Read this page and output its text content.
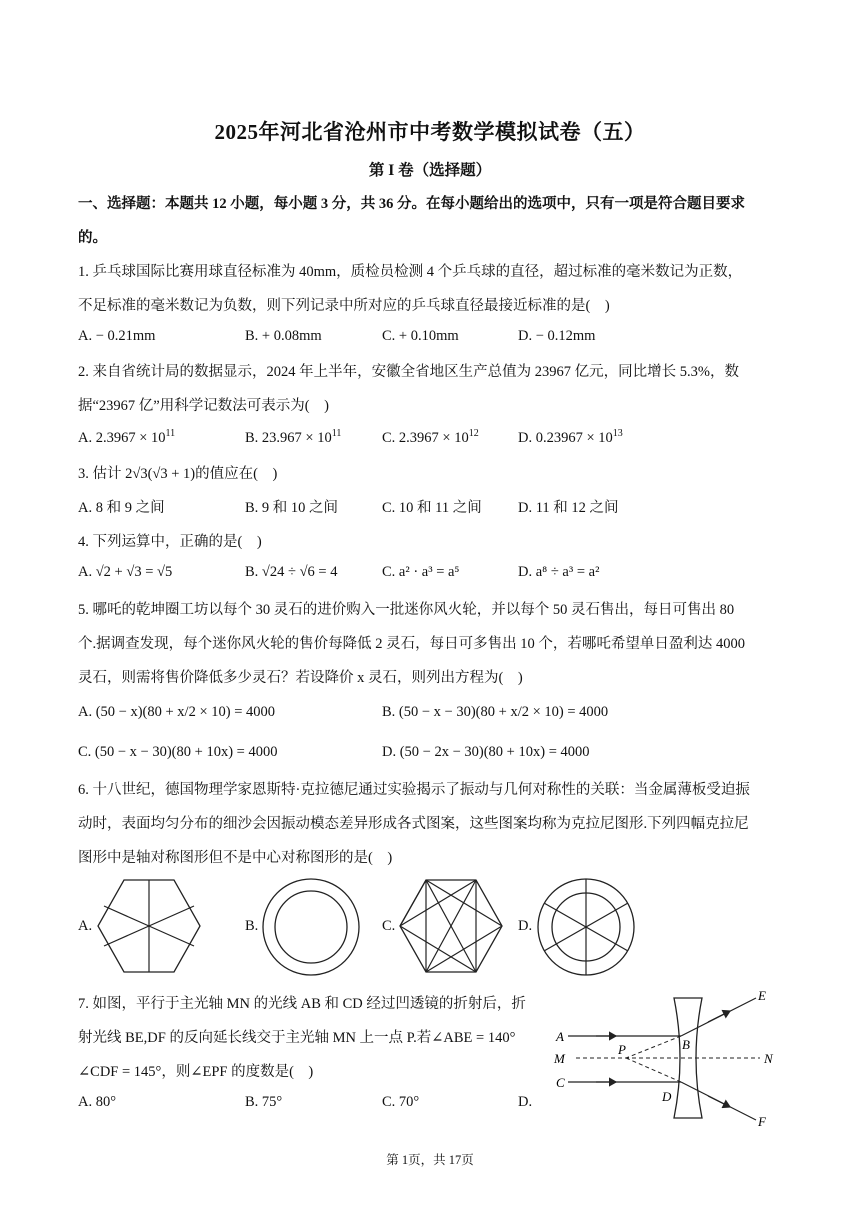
2025年河北省沧州市中考数学模拟试卷（五）
第 I 卷（选择题）
一、选择题：本题共 12 小题，每小题 3 分，共 36 分。在每小题给出的选项中，只有一项是符合题目要求
的。
1. 乒乓球国际比赛用球直径标准为 40mm，质检员检测 4 个乒乓球的直径，超过标准的毫米数记为正数，
不足标准的毫米数记为负数，则下列记录中所对应的乒乓球直径最接近标准的是(　)
A. − 0.21mm	B. + 0.08mm	C. + 0.10mm	D. − 0.12mm
2. 来自省统计局的数据显示，2024 年上半年，安徽全省地区生产总值为 23967 亿元，同比增长 5.3%，数
据“23967 亿”用科学记数法可表示为(　)
A. $2.3967 \times 10^{11}$	B. $23.967 \times 10^{11}$	C. $2.3967 \times 10^{12}$	D. $0.23967 \times 10^{13}$
3. 估计 2√3(√3 + 1)的值应在(　)
A. 8 和 9 之间	B. 9 和 10 之间	C. 10 和 11 之间 D. 11 和 12 之间
4. 下列运算中，正确的是(　)
A. √2 + √3 = √5	B. √24 ÷ √6 = 4	C. a² · a³ = a⁵	D. a⁸ ÷ a³ = a²
5. 哪吒的乾坤圈工坊以每个 30 灵石的进价购入一批迷你风火轮，并以每个 50 灵石售出，每日可售出 80
个.据调查发现，每个迷你风火轮的售价每降低 2 灵石，每日可多售出 10 个，若哪吒希望单日盈利达 4000
灵石，则需将售价降低多少灵石？若设降价 x 灵石，则列出方程为(　)
A. (50 − x)(80 + x/2 × 10) = 4000	B. (50 − x − 30)(80 + x/2 × 10) = 4000
C. (50 − x − 30)(80 + 10x) = 4000	D. (50 − 2x − 30)(80 + 10x) = 4000
6. 十八世纪，德国物理学家恩斯特·克拉德尼通过实验揭示了振动与几何对称性的关联：当金属薄板受迫振
动时，表面均匀分布的细沙会因振动模态差异形成各式图案，这些图案均称为克拉尼图形.下列四幅克拉尼
图形中是轴对称图形但不是中心对称图形的是(　)
A.	B.	C.	D.
7. 如图，平行于主光轴 MN 的光线 AB 和 CD 经过凹透镜的折射后，折
射光线 BE,DF 的反向延长线交于主光轴 MN 上一点 P.若∠ABE = 140°
∠CDF = 145°，则∠EPF 的度数是(　)
A. 80°	B. 75°	C. 70°	D.
A
B
C
D
E
F
M	N
P
第 1页，共 17页
